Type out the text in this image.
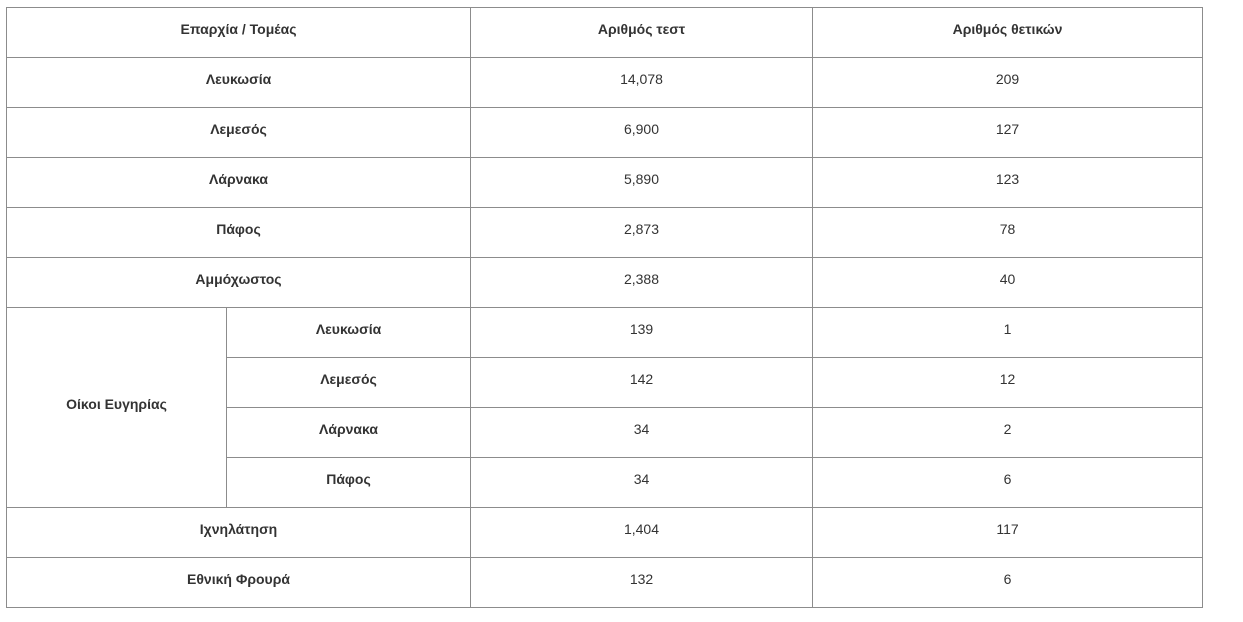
Επαρχία / Τομέας		Αριθμός τεστ	Αριθμός θετικών
Λευκωσία		14,078	209
Λεμεσός		6,900	127
Λάρνακα		5,890	123
Πάφος		2,873	78
Αμμόχωστος		2,388	40
Οίκοι Ευγηρίας	Λευκωσία	139	1
	Λεμεσός	142	12
	Λάρνακα	34	2
	Πάφος	34	6
Ιχνηλάτηση		1,404	117
Εθνική Φρουρά		132	6
